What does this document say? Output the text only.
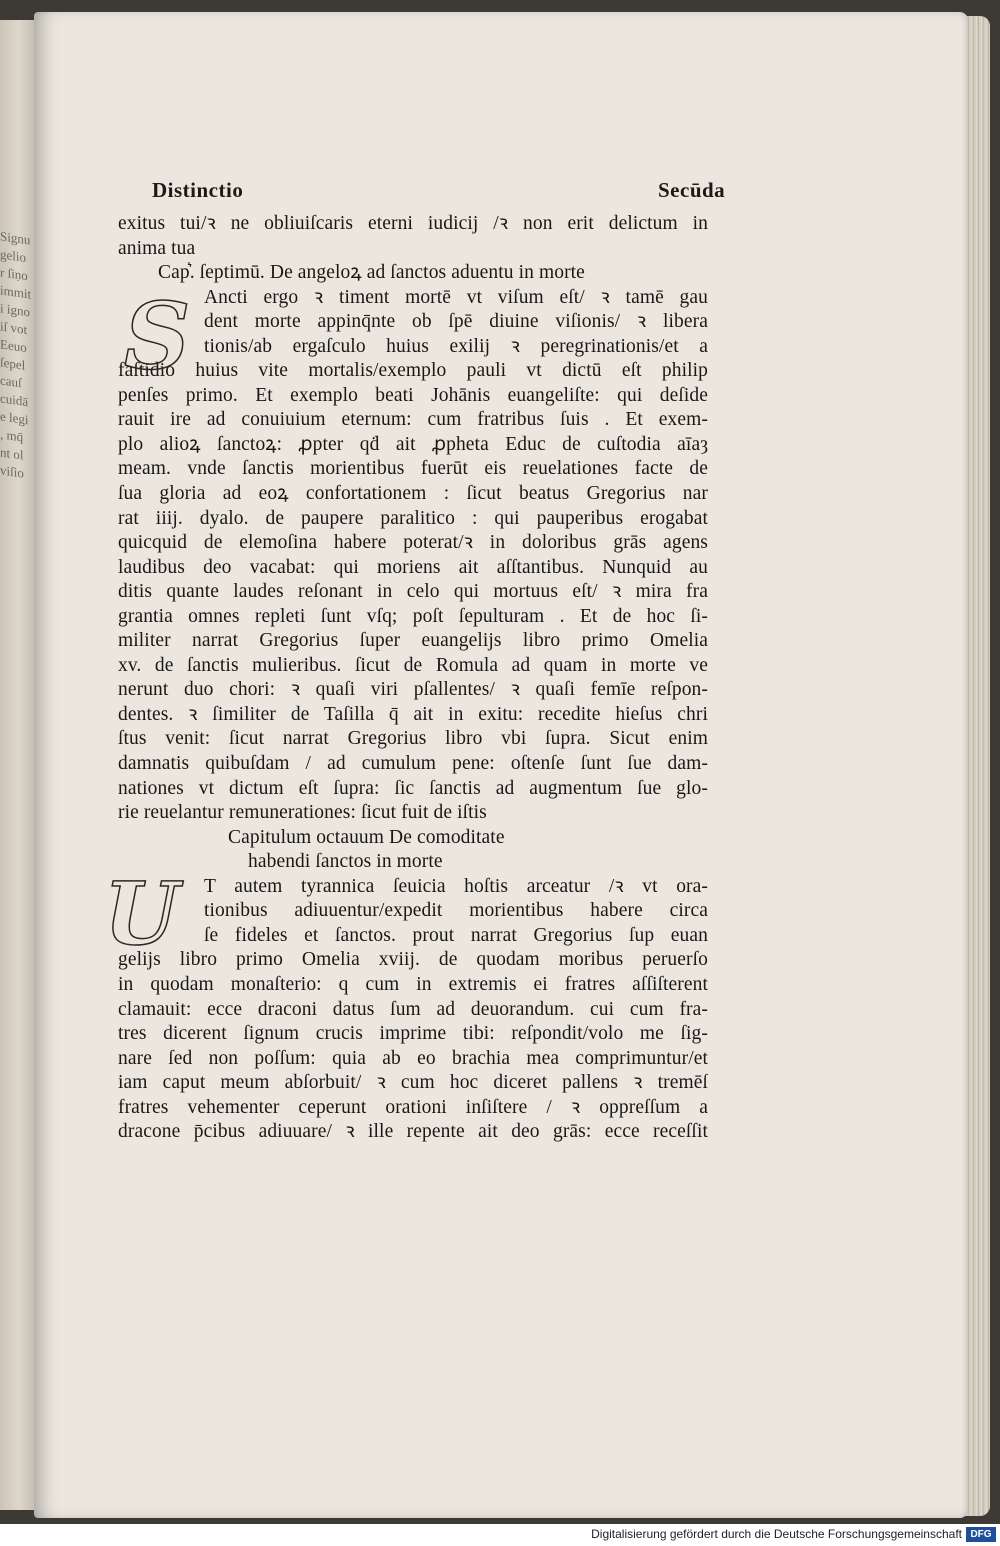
Signu
gelio
r ſiṇo
immit
i igno
iſ vot
Eeuo
ſepel
cauſ
cuidā
e legi
, mq̄
nt ol
viſio
Distinctio	Secūda
exitus tui/ꝛ ne obliuiſcaris eterni iudicij /ꝛ non erit delictum in
anima tua
Cap͛. ſeptimū. De angeloꝝ ad ſanctos aduentu in morte
Ancti ergo ꝛ timent mortē vt viſum eſt/ ꝛ tamē gau
dent morte appinq̄nte ob ſpē diuine viſionis/ ꝛ libera
tionis/ab ergaſculo huius exilij ꝛ peregrinationis/et a
faſtidio huius vite mortalis/exemplo pauli vt dictū eſt philip
penſes primo. Et exemplo beati Johānis euangeliſte: qui deſide
rauit ire ad conuiuium eternum: cum fratribus ſuis . Et exem-
plo alioꝝ ſanctoꝝ: ꝓpter qḋ ait ꝓpheta Educ de cuſtodia aīaȝ
meam. vnde ſanctis morientibus fuerūt eis reuelationes facte de
ſua gloria ad eoꝝ confortationem : ſicut beatus Gregorius nar
rat iiij. dyalo. de paupere paralitico : qui pauperibus erogabat
quicquid de elemoſina habere poterat/ꝛ in doloribus grās agens
laudibus deo vacabat: qui moriens ait aſſtantibus. Nunquid au
ditis quante laudes reſonant in celo qui mortuus eſt/ ꝛ mira fra
grantia omnes repleti ſunt vſq; poſt ſepulturam . Et de hoc ſi-
militer narrat Gregorius ſuper euangelijs libro primo Omelia
xv. de ſanctis mulieribus. ſicut de Romula ad quam in morte ve
nerunt duo chori: ꝛ quaſi viri pſallentes/ ꝛ quaſi femīe reſpon-
dentes. ꝛ ſimiliter de Taſilla q̄ ait in exitu: recedite hieſus chri
ſtus venit: ſicut narrat Gregorius libro vbi ſupra. Sicut enim
damnatis quibuſdam / ad cumulum pene: oſtenſe ſunt ſue dam-
nationes vt dictum eſt ſupra: ſic ſanctis ad augmentum ſue glo-
rie reuelantur remunerationes: ſicut fuit de iſtis
Capitulum octauum De comoditate
habendi ſanctos in morte
T autem tyrannica ſeuicia hoſtis arceatur /ꝛ vt ora-
tionibus adiuuentur/expedit morientibus habere circa
ſe fideles et ſanctos. prout narrat Gregorius ſup euan
gelijs libro primo Omelia xviij. de quodam moribus peruerſo
in quodam monaſterio: q cum in extremis ei fratres aſſiſterent
clamauit: ecce draconi datus ſum ad deuorandum. cui cum fra-
tres dicerent ſignum crucis imprime tibi: reſpondit/volo me ſig-
nare ſed non poſſum: quia ab eo brachia mea comprimuntur/et
iam caput meum abſorbuit/ ꝛ cum hoc diceret pallens ꝛ tremēſ
fratres vehementer ceperunt orationi inſiſtere / ꝛ oppreſſum a
dracone p̄cibus adiuuare/ ꝛ ille repente ait deo grās: ecce receſſit
S
U
Digitalisierung gefördert durch die Deutsche Forschungsgemeinschaft DFG
